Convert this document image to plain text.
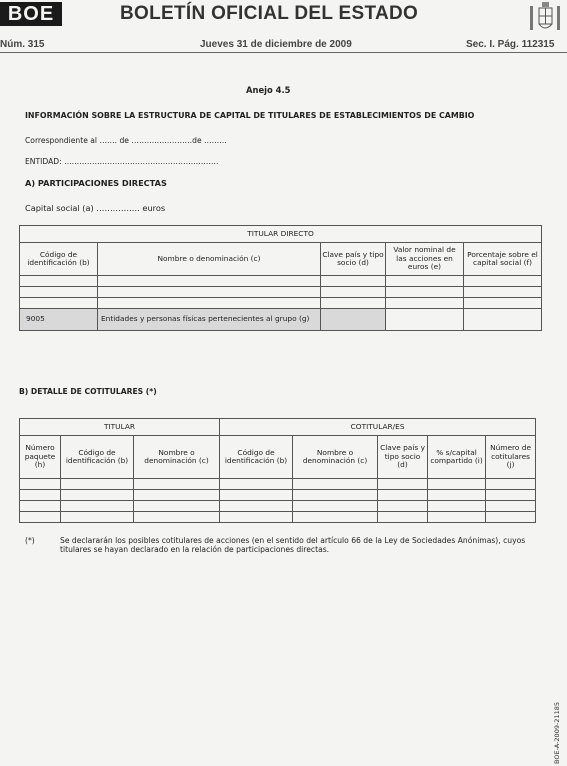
BOE	BOLETÍN OFICIAL DEL ESTADO
Núm. 315	Jueves 31 de diciembre de 2009	Sec. I. Pág. 112315
Anejo 4.5
INFORMACIÓN SOBRE LA ESTRUCTURA DE CAPITAL DE TITULARES DE ESTABLECIMIENTOS DE CAMBIO
Correspondiente al ……. de ……………………de ………
ENTIDAD: …………………………………………………….
A) PARTICIPACIONES DIRECTAS
Capital social (a) ……………. euros
TITULAR DIRECTO				
Código de identificación (b)	Nombre o denominación (c)	Clave país y tipo socio (d)	Valor nominal de las acciones en euros (e)	Porcentaje sobre el capital social (f)

9005	Entidades y personas físicas pertenecientes al grupo (g)			
B) DETALLE DE COTITULARES (*)
TITULAR			COTITULAR/ES				
Número paquete (h)	Código de identificación (b)	Nombre o denominación (c)	Código de identificación (b)	Nombre o denominación (c)	Clave país y tipo socio (d)	% s/capital compartido (i)	Número de cotitulares (j)

(*)	Se declararán los posibles cotitulares de acciones (en el sentido del artículo 66 de la Ley de Sociedades Anónimas), cuyos titulares se hayan declarado en la relación de participaciones directas.
BOE-A-2009-21185
